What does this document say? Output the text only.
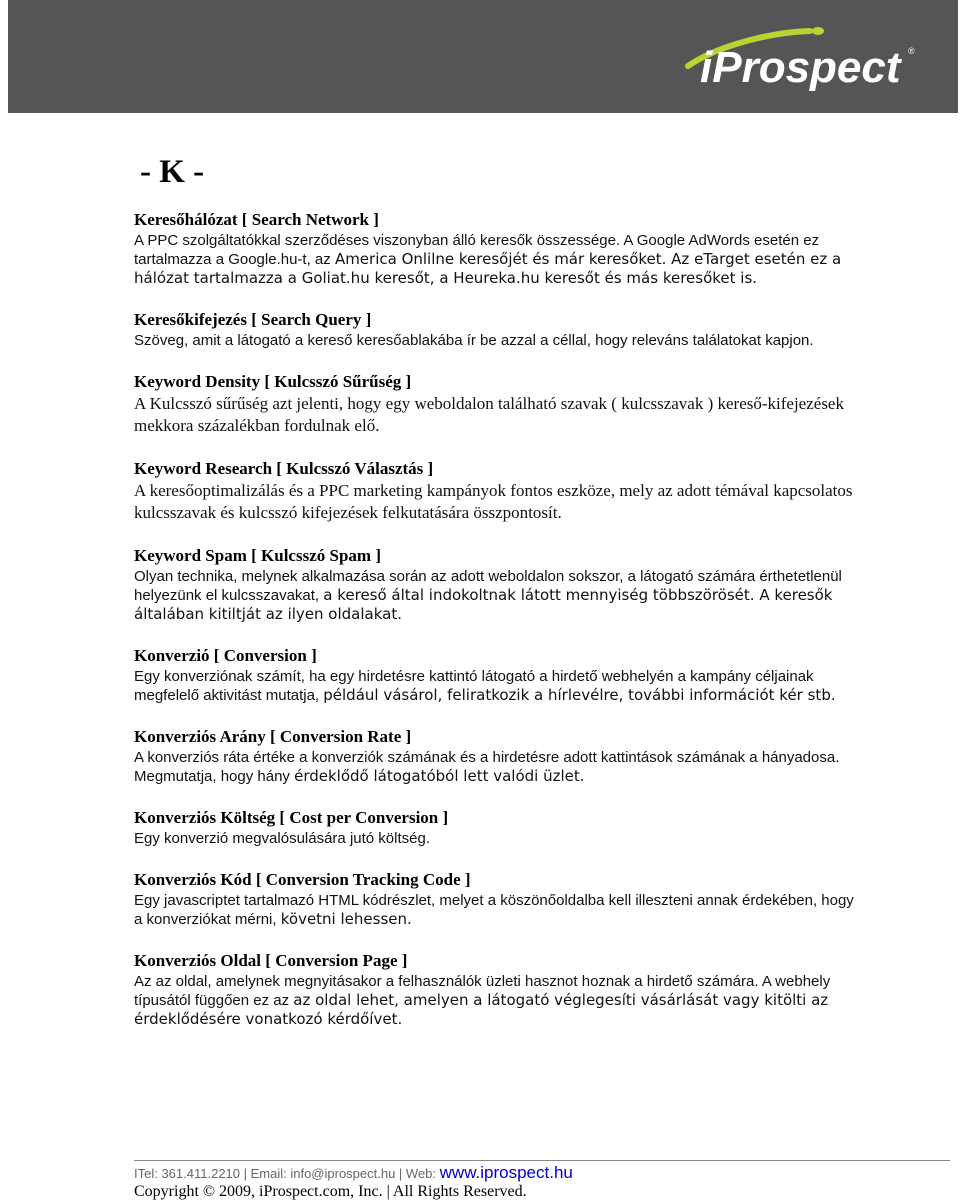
iProspect ®
- K -

Keresőhálózat [ Search Network ]

A PPC szolgáltatókkal szerződéses viszonyban álló keresők összessége. A Google AdWords esetén ez tartalmazza a Google.hu-t, az America Onlilne keresőjét és már keresőket. Az eTarget esetén ez a hálózat tartalmazza a Goliat.hu keresőt, a Heureka.hu keresőt és más keresőket is.

Keresőkifejezés [ Search Query ]

Szöveg, amit a látogató a kereső keresőablakába ír be azzal a céllal, hogy releváns találatokat kapjon.

Keyword Density [ Kulcsszó Sűrűség ]

A Kulcsszó sűrűség azt jelenti, hogy egy weboldalon található szavak ( kulcsszavak ) kereső-kifejezések mekkora százalékban fordulnak elő.

Keyword Research [ Kulcsszó Választás ]

A keresőoptimalizálás és a PPC marketing kampányok fontos eszköze, mely az adott témával kapcsolatos kulcsszavak és kulcsszó kifejezések felkutatására összpontosít.

Keyword Spam [ Kulcsszó Spam ]

Olyan technika, melynek alkalmazása során az adott weboldalon sokszor, a látogató számára érthetetlenül helyezünk el kulcsszavakat, a kereső által indokoltnak látott mennyiség többszörösét. A keresők általában kitiltját az ilyen oldalakat.

Konverzió [ Conversion ]

Egy konverziónak számít, ha egy hirdetésre kattintó látogató a hirdető webhelyén a kampány céljainak megfelelő aktivitást mutatja, például vásárol, feliratkozik a hírlevélre, további információt kér stb.

Konverziós Arány [ Conversion Rate ]

A konverziós ráta értéke a konverziók számának és a hirdetésre adott kattintások számának a hányadosa. Megmutatja, hogy hány érdeklődő látogatóból lett valódi üzlet.

Konverziós Költség [ Cost per Conversion ]

Egy konverzió megvalósulására jutó költség.

Konverziós Kód [ Conversion Tracking Code ]

Egy javascriptet tartalmazó HTML kódrészlet, melyet a köszönőoldalba kell illeszteni annak érdekében, hogy a konverziókat mérni, követni lehessen.

Konverziós Oldal [ Conversion Page ]

Az az oldal, amelynek megnyitásakor a felhasználók üzleti hasznot hoznak a hirdető számára. A webhely típusától függően ez az az oldal lehet, amelyen a látogató véglegesíti vásárlását vagy kitölti az érdeklődésére vonatkozó kérdőívet.

ITel: 361.411.2210 | Email: info@iprospect.hu | Web: www.iprospect.hu
Copyright © 2009, iProspect.com, Inc. | All Rights Reserved.
